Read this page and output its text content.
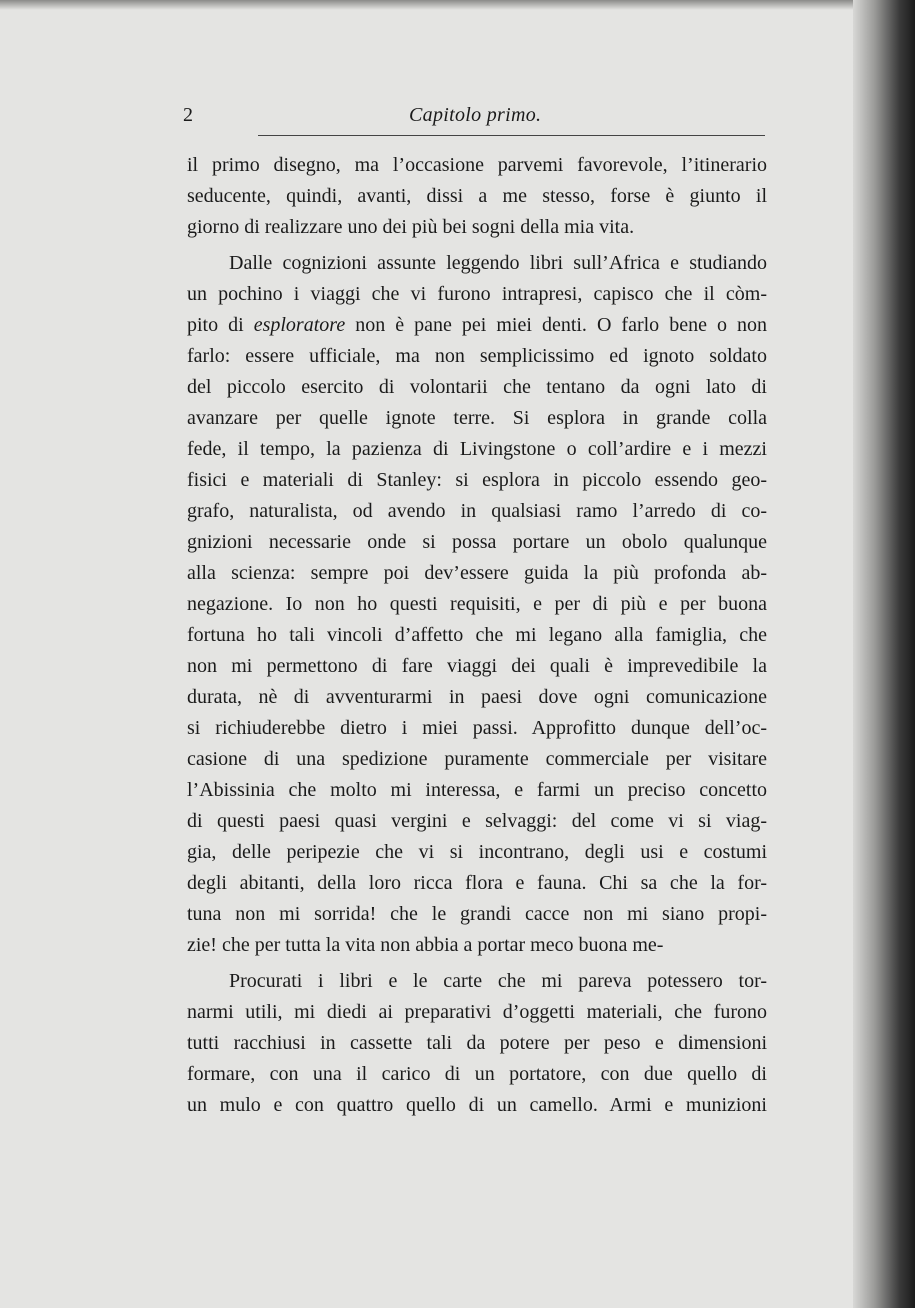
2	Capitolo primo.
il primo disegno, ma l’occasione parvemi favorevole, l’itinerario
seducente, quindi, avanti, dissi a me stesso, forse è giunto il
giorno di realizzare uno dei più bei sogni della mia vita.
Dalle cognizioni assunte leggendo libri sull’Africa e studiando
un pochino i viaggi che vi furono intrapresi, capisco che il còm-
pito di esploratore non è pane pei miei denti. O farlo bene o non
farlo: essere ufficiale, ma non semplicissimo ed ignoto soldato
del piccolo esercito di volontarii che tentano da ogni lato di
avanzare per quelle ignote terre. Si esplora in grande colla
fede, il tempo, la pazienza di Livingstone o coll’ardire e i mezzi
fisici e materiali di Stanley: si esplora in piccolo essendo geo-
grafo, naturalista, od avendo in qualsiasi ramo l’arredo di co-
gnizioni necessarie onde si possa portare un obolo qualunque
alla scienza: sempre poi dev’essere guida la più profonda ab-
negazione. Io non ho questi requisiti, e per di più e per buona
fortuna ho tali vincoli d’affetto che mi legano alla famiglia, che
non mi permettono di fare viaggi dei quali è imprevedibile la
durata, nè di avventurarmi in paesi dove ogni comunicazione
si richiuderebbe dietro i miei passi. Approfitto dunque dell’oc-
casione di una spedizione puramente commerciale per visitare
l’Abissinia che molto mi interessa, e farmi un preciso concetto
di questi paesi quasi vergini e selvaggi: del come vi si viag-
gia, delle peripezie che vi si incontrano, degli usi e costumi
degli abitanti, della loro ricca flora e fauna. Chi sa che la for-
tuna non mi sorrida! che le grandi cacce non mi siano propi-
zie! che per tutta la vita non abbia a portar meco buona me-
Procurati i libri e le carte che mi pareva potessero tor-
narmi utili, mi diedi ai preparativi d’oggetti materiali, che furono
tutti racchiusi in cassette tali da potere per peso e dimensioni
formare, con una il carico di un portatore, con due quello di
un mulo e con quattro quello di un camello. Armi e munizioni
